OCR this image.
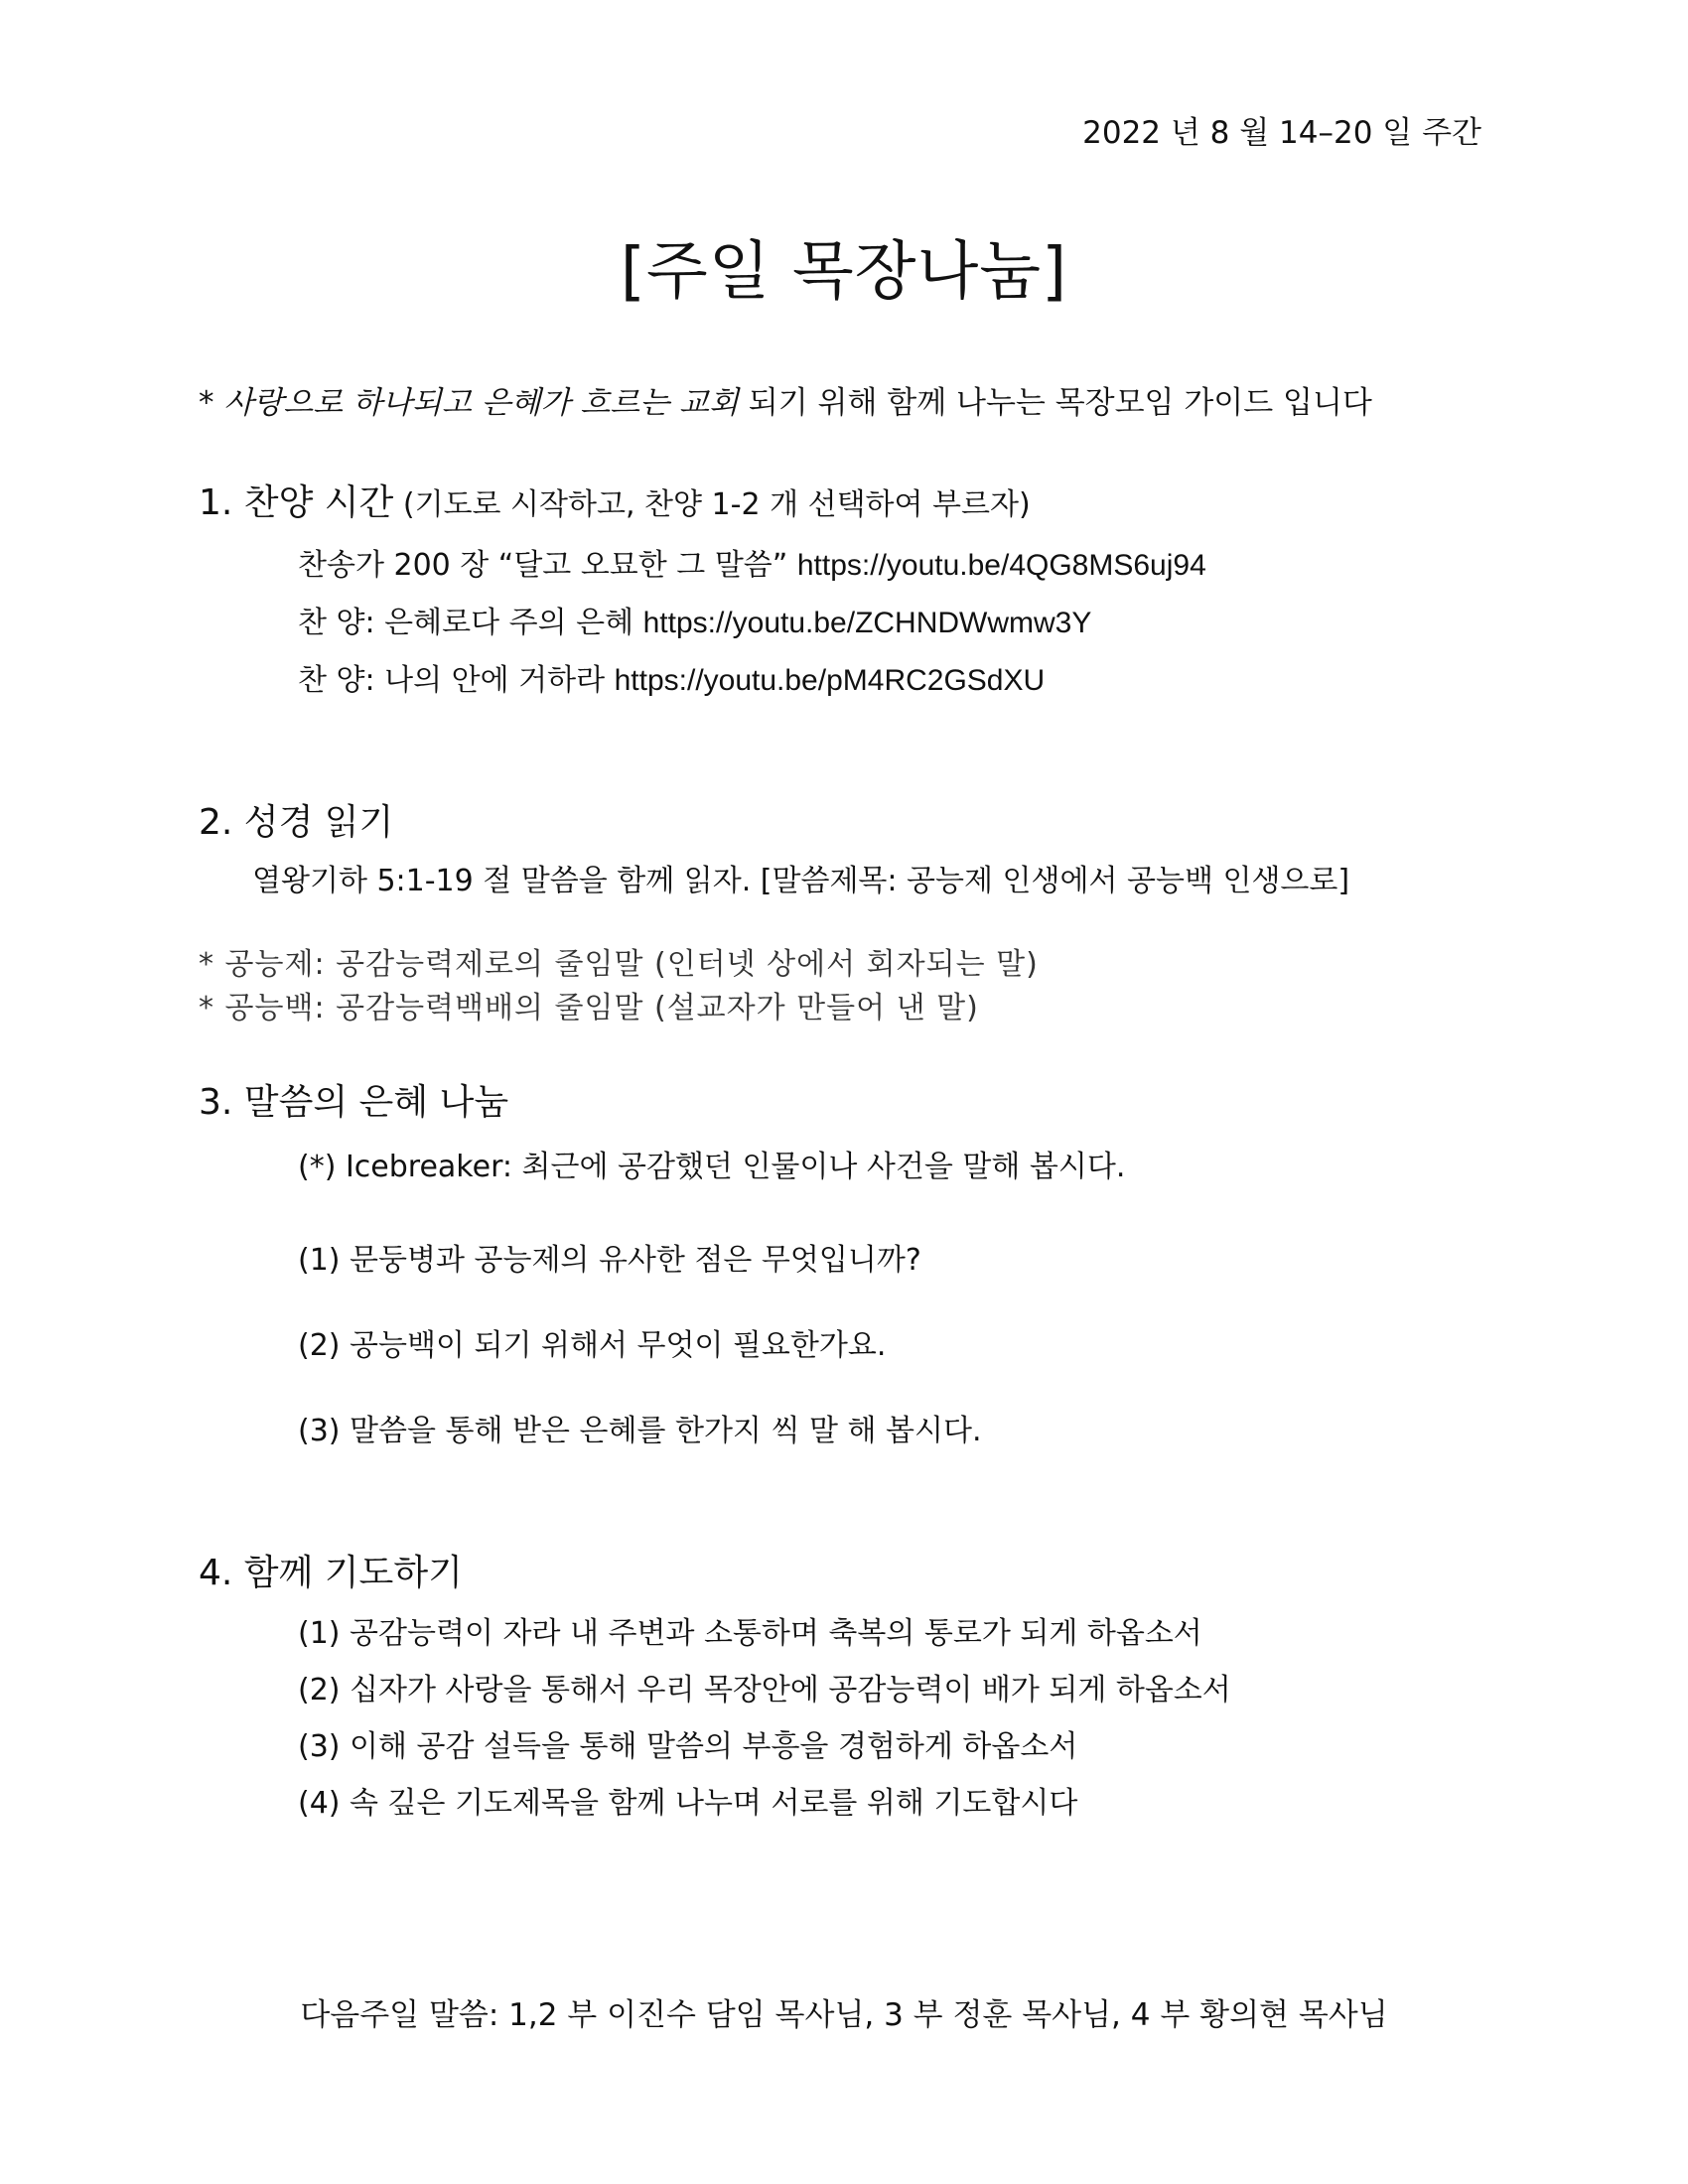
2022 년 8 월 14–20 일 주간
[주일 목장나눔]
* 사랑으로 하나되고 은혜가 흐르는 교회 되기 위해 함께 나누는 목장모임 가이드 입니다
1. 찬양 시간 (기도로 시작하고, 찬양 1-2 개 선택하여 부르자)
찬송가 200 장 “달고 오묘한 그 말씀” https://youtu.be/4QG8MS6uj94
찬 양: 은혜로다 주의 은혜 https://youtu.be/ZCHNDWwmw3Y
찬 양: 나의 안에 거하라 https://youtu.be/pM4RC2GSdXU
2. 성경 읽기
열왕기하 5:1-19 절 말씀을 함께 읽자. [말씀제목: 공능제 인생에서 공능백 인생으로]
* 공능제: 공감능력제로의 줄임말 (인터넷 상에서 회자되는 말)
* 공능백: 공감능력백배의 줄임말 (설교자가 만들어 낸 말)
3. 말씀의 은혜 나눔
(*) Icebreaker: 최근에 공감했던 인물이나 사건을 말해 봅시다.
(1) 문둥병과 공능제의 유사한 점은 무엇입니까?
(2) 공능백이 되기 위해서 무엇이 필요한가요.
(3) 말씀을 통해 받은 은혜를 한가지 씩 말 해 봅시다.
4. 함께 기도하기
(1) 공감능력이 자라 내 주변과 소통하며 축복의 통로가 되게 하옵소서
(2) 십자가 사랑을 통해서 우리 목장안에 공감능력이 배가 되게 하옵소서
(3) 이해 공감 설득을 통해 말씀의 부흥을 경험하게 하옵소서
(4) 속 깊은 기도제목을 함께 나누며 서로를 위해 기도합시다
다음주일 말씀: 1,2 부 이진수 담임 목사님, 3 부 정훈 목사님, 4 부 황의현 목사님
